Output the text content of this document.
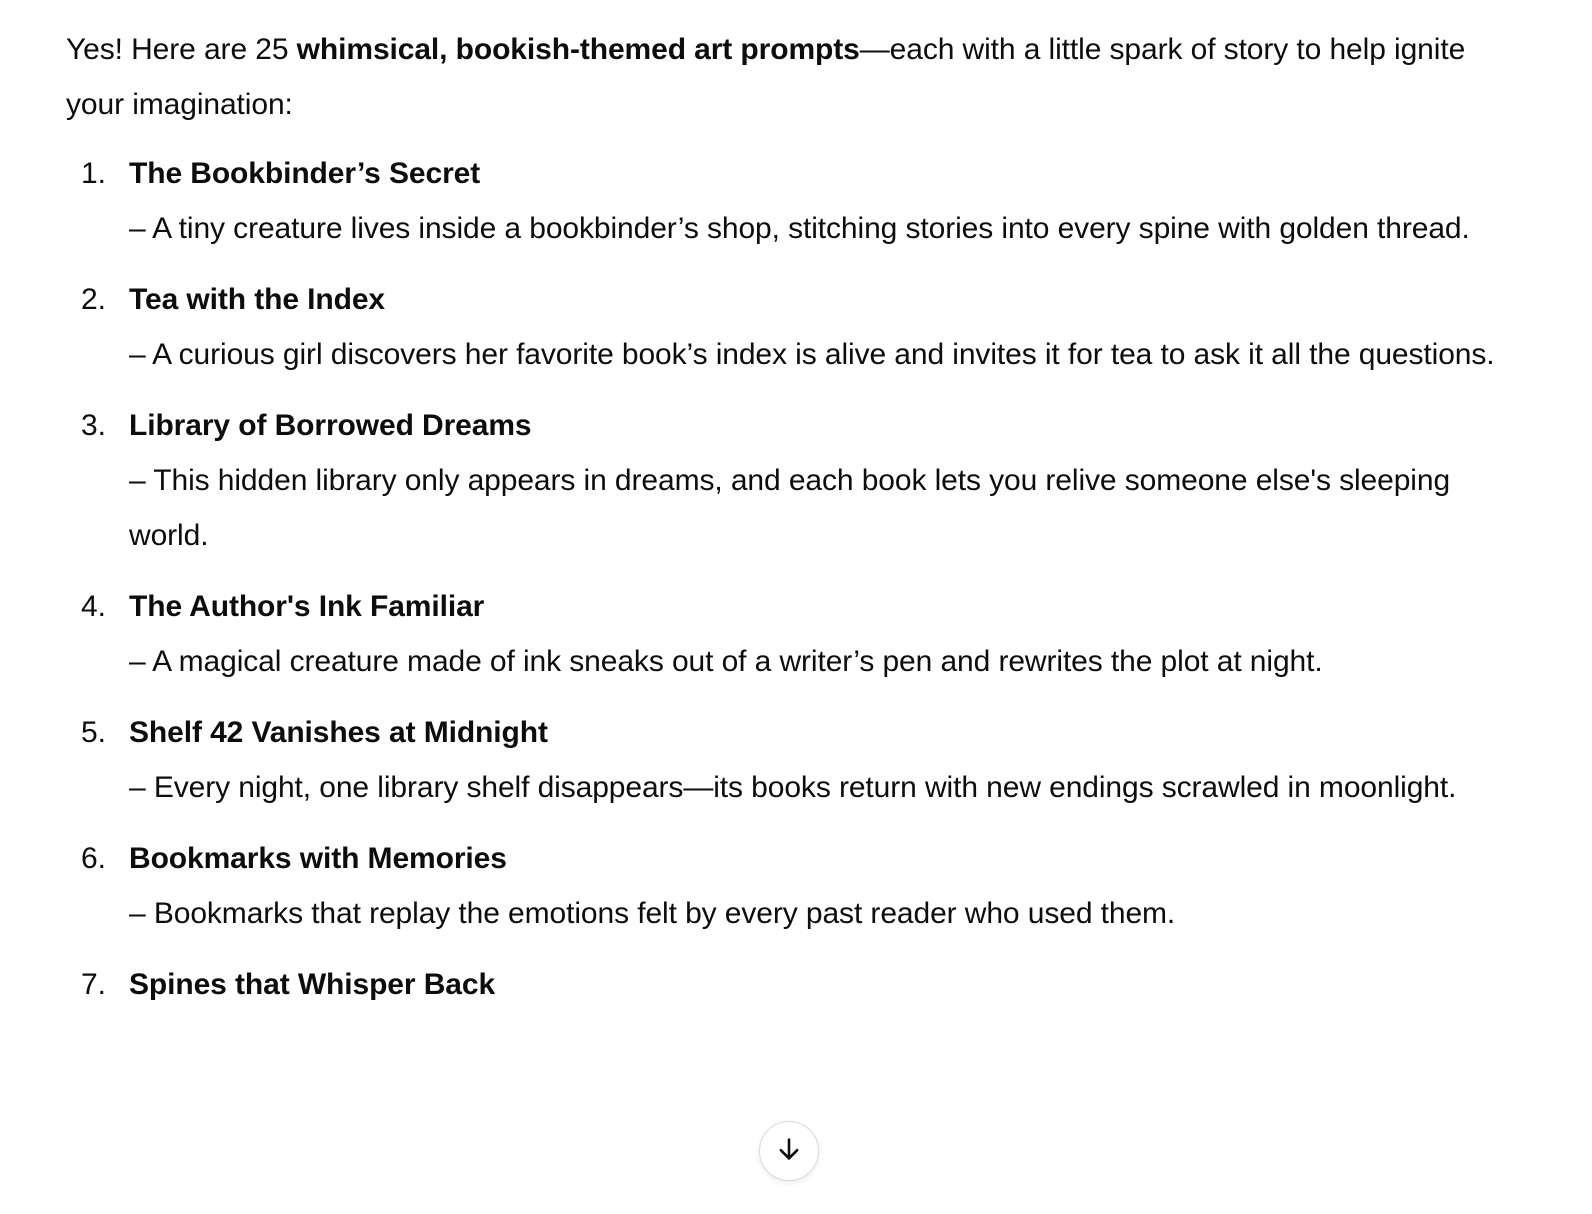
Yes! Here are 25 whimsical, bookish-themed art prompts—each with a little spark of story to help ignite your imagination:

1. The Bookbinder’s Secret
– A tiny creature lives inside a bookbinder’s shop, stitching stories into every spine with golden thread.
2. Tea with the Index
– A curious girl discovers her favorite book’s index is alive and invites it for tea to ask it all the questions.
3. Library of Borrowed Dreams
– This hidden library only appears in dreams, and each book lets you relive someone else's sleeping world.
4. The Author's Ink Familiar
– A magical creature made of ink sneaks out of a writer’s pen and rewrites the plot at night.
5. Shelf 42 Vanishes at Midnight
– Every night, one library shelf disappears—its books return with new endings scrawled in moonlight.
6. Bookmarks with Memories
– Bookmarks that replay the emotions felt by every past reader who used them.
7. Spines that Whisper Back
